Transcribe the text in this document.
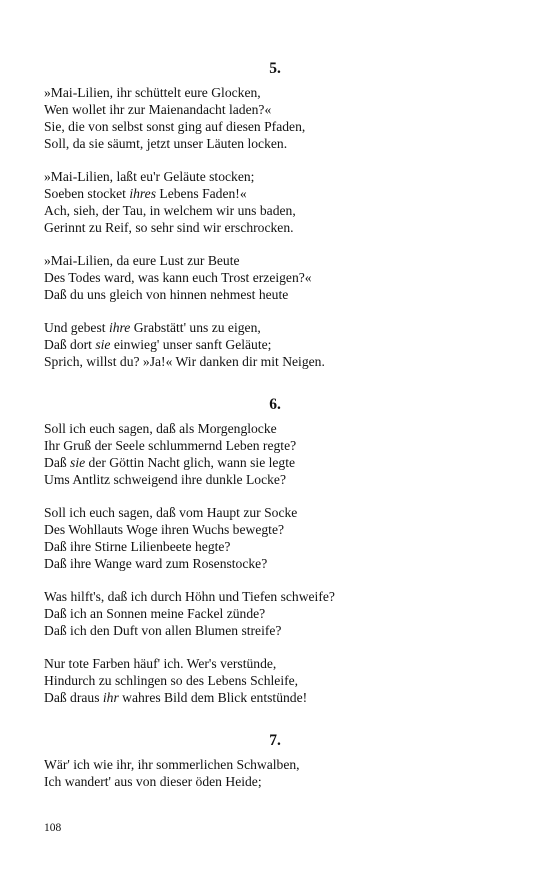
5.
»Mai-Lilien, ihr schüttelt eure Glocken,
Wen wollet ihr zur Maienandacht laden?«
Sie, die von selbst sonst ging auf diesen Pfaden,
Soll, da sie säumt, jetzt unser Läuten locken.
»Mai-Lilien, laßt eu'r Geläute stocken;
Soeben stocket ihres Lebens Faden!«
Ach, sieh, der Tau, in welchem wir uns baden,
Gerinnt zu Reif, so sehr sind wir erschrocken.
»Mai-Lilien, da eure Lust zur Beute
Des Todes ward, was kann euch Trost erzeigen?«
Daß du uns gleich von hinnen nehmest heute
Und gebest ihre Grabstätt' uns zu eigen,
Daß dort sie einwieg' unser sanft Geläute;
Sprich, willst du? »Ja!« Wir danken dir mit Neigen.
6.
Soll ich euch sagen, daß als Morgenglocke
Ihr Gruß der Seele schlummernd Leben regte?
Daß sie der Göttin Nacht glich, wann sie legte
Ums Antlitz schweigend ihre dunkle Locke?
Soll ich euch sagen, daß vom Haupt zur Socke
Des Wohllauts Woge ihren Wuchs bewegte?
Daß ihre Stirne Lilienbeete hegte?
Daß ihre Wange ward zum Rosenstocke?
Was hilft's, daß ich durch Höhn und Tiefen schweife?
Daß ich an Sonnen meine Fackel zünde?
Daß ich den Duft von allen Blumen streife?
Nur tote Farben häuf' ich. Wer's verstünde,
Hindurch zu schlingen so des Lebens Schleife,
Daß draus ihr wahres Bild dem Blick entstünde!
7.
Wär' ich wie ihr, ihr sommerlichen Schwalben,
Ich wandert' aus von dieser öden Heide;
108
